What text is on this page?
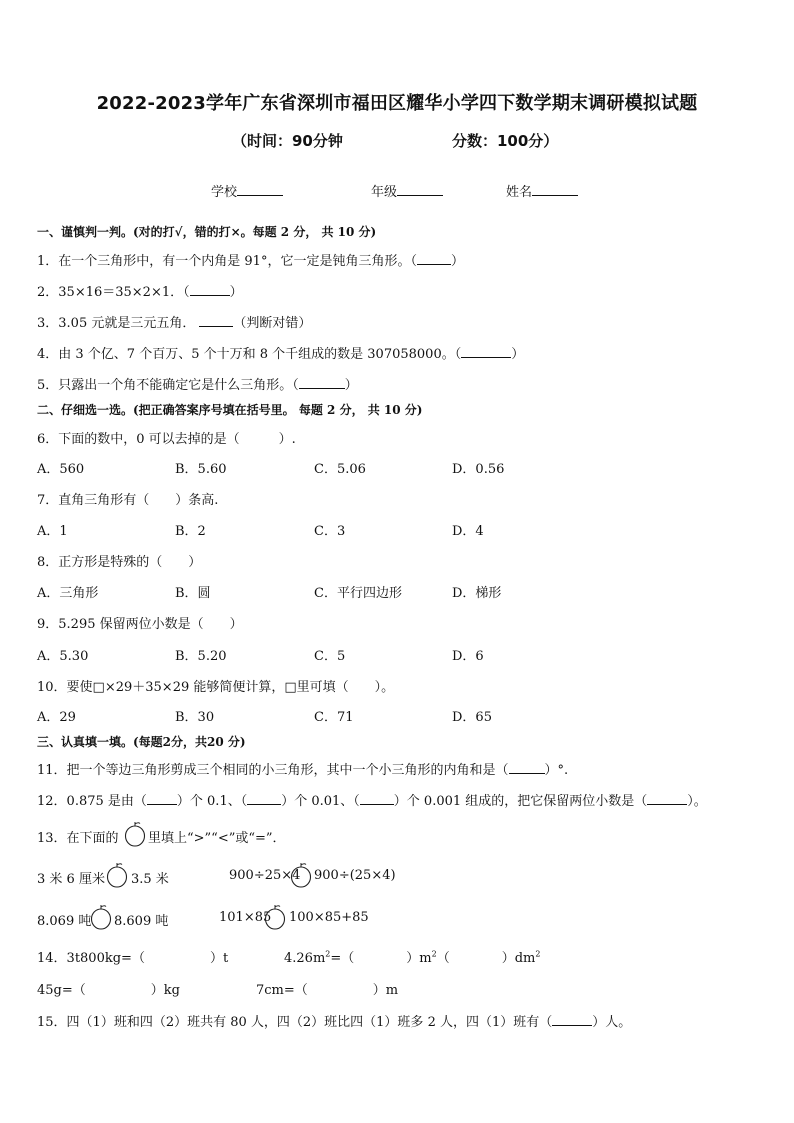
2022-2023学年广东省深圳市福田区耀华小学四下数学期末调研模拟试题
（时间：90分钟	分数：100分）
学校	年级	姓名
一、谨慎判一判。(对的打√，错的打×。每题 2 分， 共 10 分)
1．在一个三角形中，有一个内角是 91°，它一定是钝角三角形。（	）
2．35×16＝35×2×1．（	）
3．3.05 元就是三元五角．	（判断对错）
4．由 3 个亿、7 个百万、5 个十万和 8 个千组成的数是 307058000。（	）
5．只露出一个角不能确定它是什么三角形。（	）
二、仔细选一选。(把正确答案序号填在括号里。 每题 2 分， 共 10 分)
6．下面的数中，0 可以去掉的是（　　　）.
A．560	B．5.60	C．5.06	D．0.56
7．直角三角形有（　　）条高.
A．1	B．2	C．3	D．4
8．正方形是特殊的（　　）
A．三角形	B．圆	C．平行四边形	D．梯形
9．5.295 保留两位小数是（　　）
A．5.30	B．5.20	C．5	D．6
10．要使□×29＋35×29 能够简便计算，□里可填（　　）。
A．29	B．30	C．71	D．65
三、认真填一填。(每题2分，共20 分)
11．把一个等边三角形剪成三个相同的小三角形，其中一个小三角形的内角和是（	）°.
12．0.875 是由（ ）个 0.1、（	）个 0.01、（	）个 0.001 组成的，把它保留两位小数是（	）。
13．在下面的 里填上“>”“<”或“=”．
3 米 6 厘米 3.5 米	900÷25×4 900÷(25×4)
8.069 吨 8.609 吨	101×85 100×85+85
14．3t800kg=（　　　　　）t	$4.26m^2=$（　　　　）$m^2$（　　　　）$dm^2$
45g=（　　　　　）kg	7cm=（　　　　　）m
15．四（1）班和四（2）班共有 80 人，四（2）班比四（1）班多 2 人，四（1）班有（	）人。
